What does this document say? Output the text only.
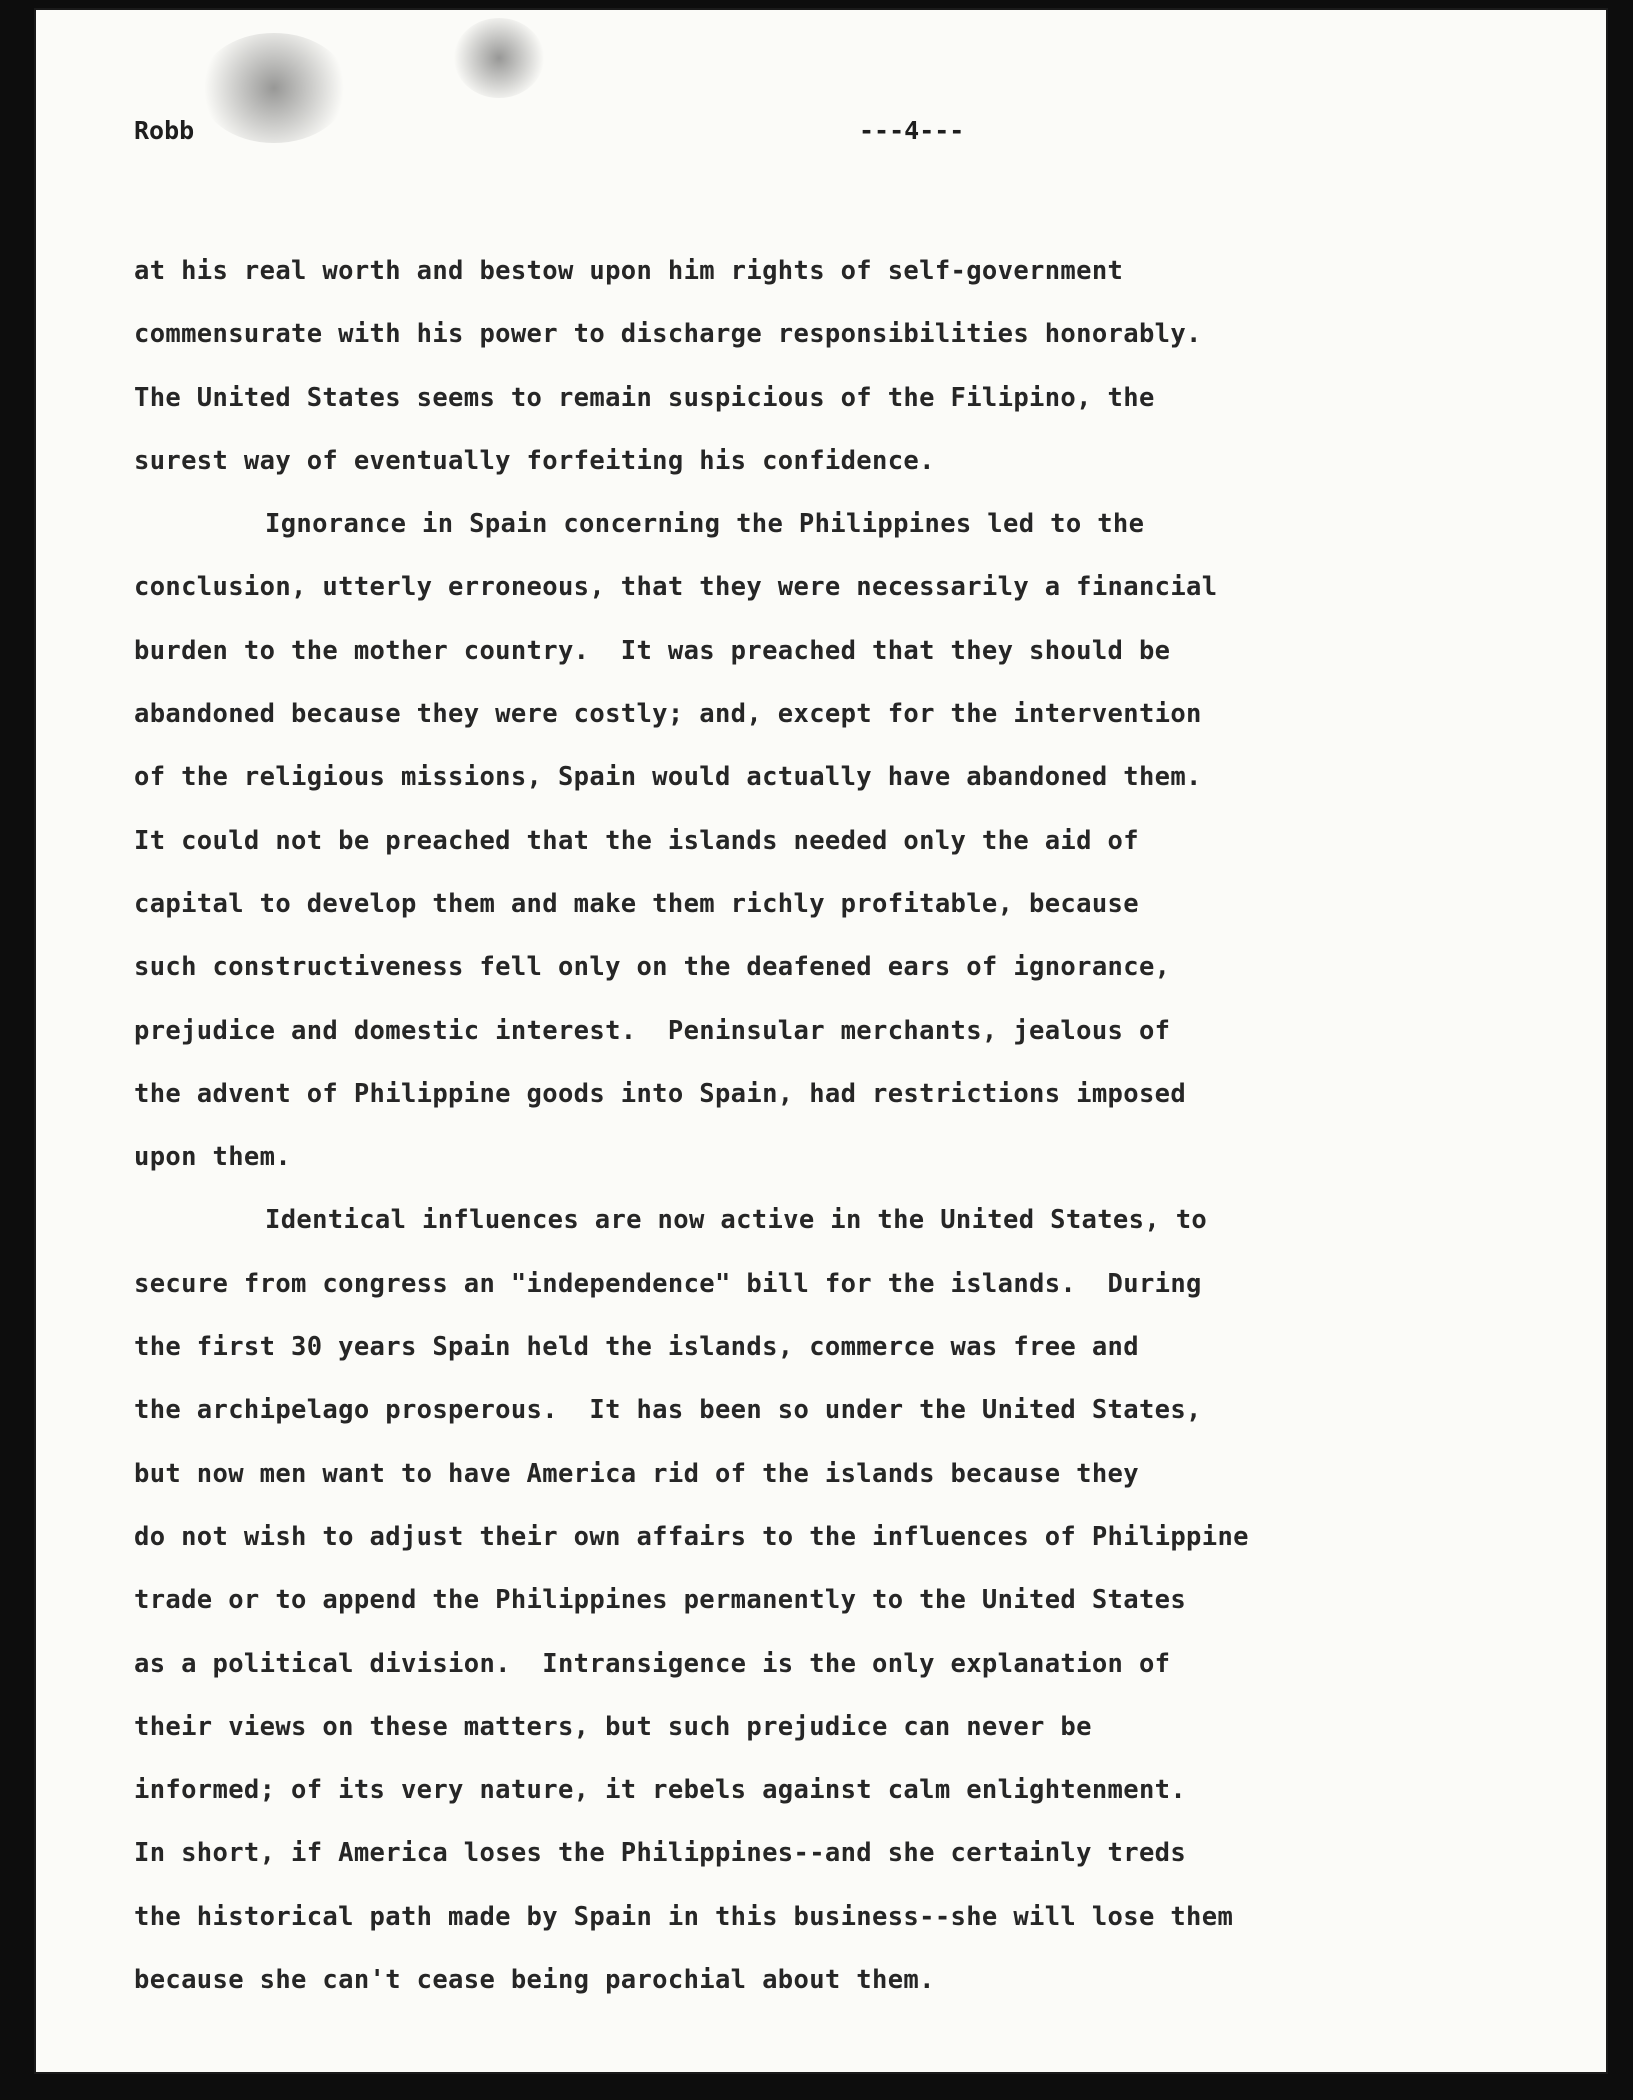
Robb	---4---
at his real worth and bestow upon him rights of self-government
commensurate with his power to discharge responsibilities honorably.
The United States seems to remain suspicious of the Filipino, the
surest way of eventually forfeiting his confidence.
Ignorance in Spain concerning the Philippines led to the
conclusion, utterly erroneous, that they were necessarily a financial
burden to the mother country.  It was preached that they should be
abandoned because they were costly; and, except for the intervention
of the religious missions, Spain would actually have abandoned them.
It could not be preached that the islands needed only the aid of
capital to develop them and make them richly profitable, because
such constructiveness fell only on the deafened ears of ignorance,
prejudice and domestic interest.  Peninsular merchants, jealous of
the advent of Philippine goods into Spain, had restrictions imposed
upon them.
Identical influences are now active in the United States, to
secure from congress an "independence" bill for the islands.  During
the first 30 years Spain held the islands, commerce was free and
the archipelago prosperous.  It has been so under the United States,
but now men want to have America rid of the islands because they
do not wish to adjust their own affairs to the influences of Philippine
trade or to append the Philippines permanently to the United States
as a political division.  Intransigence is the only explanation of
their views on these matters, but such prejudice can never be
informed; of its very nature, it rebels against calm enlightenment.
In short, if America loses the Philippines--and she certainly treds
the historical path made by Spain in this business--she will lose them
because she can't cease being parochial about them.
